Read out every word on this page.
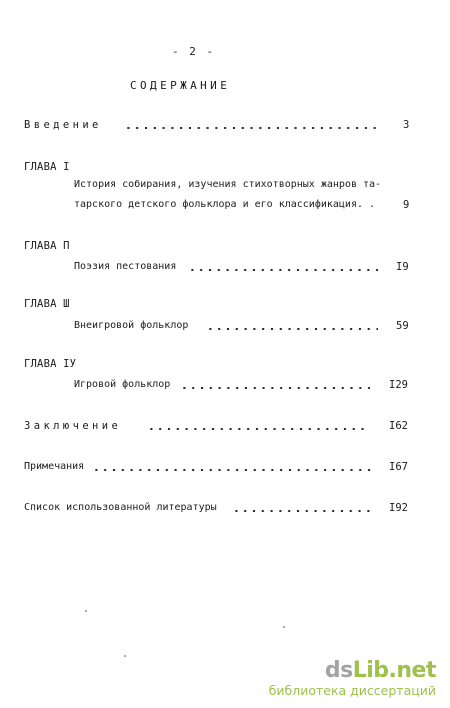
- 2 -
СОДЕРЖАНИЕ
Введение	3
ГЛАВА I
История собирания, изучения стихотворных жанров та-
тарского детского фольклора и его классификация. .	9
ГЛАВА П
Поэзия пестования	I9
ГЛАВА Ш
Внеигровой фольклор	59
ГЛАВА IУ
Игровой фольклор	I29
Заключение	I62
Примечания	I67
Список использованной литературы	I92
dsLib.net
библиотека диссертаций
